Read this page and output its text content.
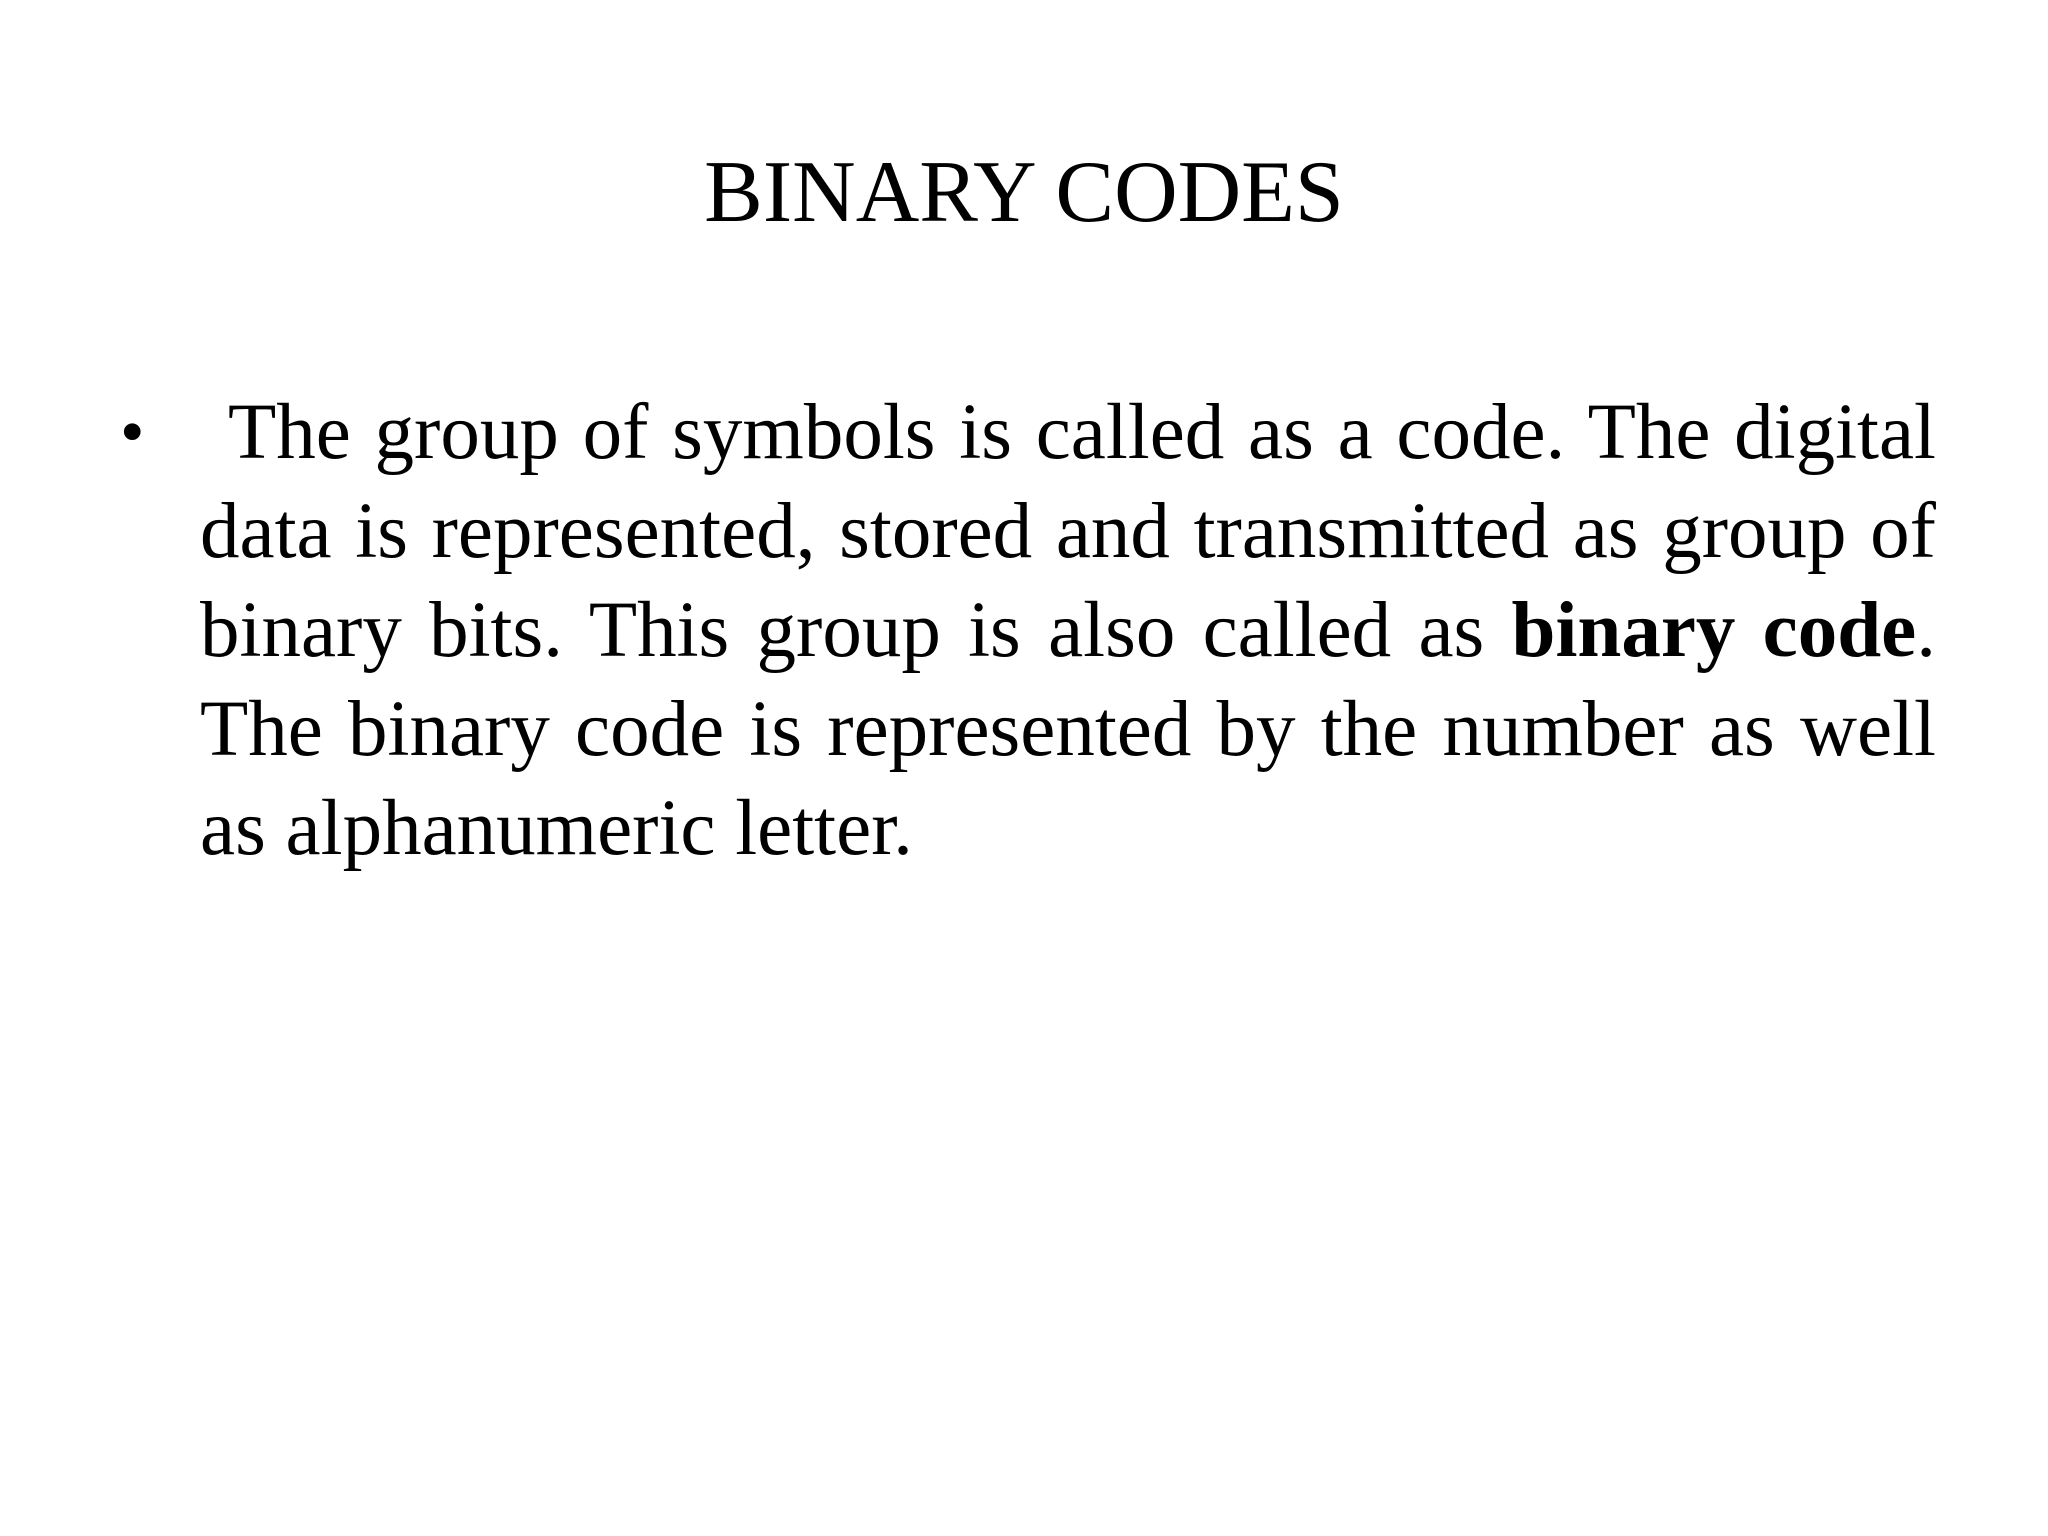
BINARY CODES
•	The group of symbols is called as a code. The digital data is represented, stored and transmitted as group of binary bits. This group is also called as binary code. The binary code is represented by the number as well as alphanumeric letter.
